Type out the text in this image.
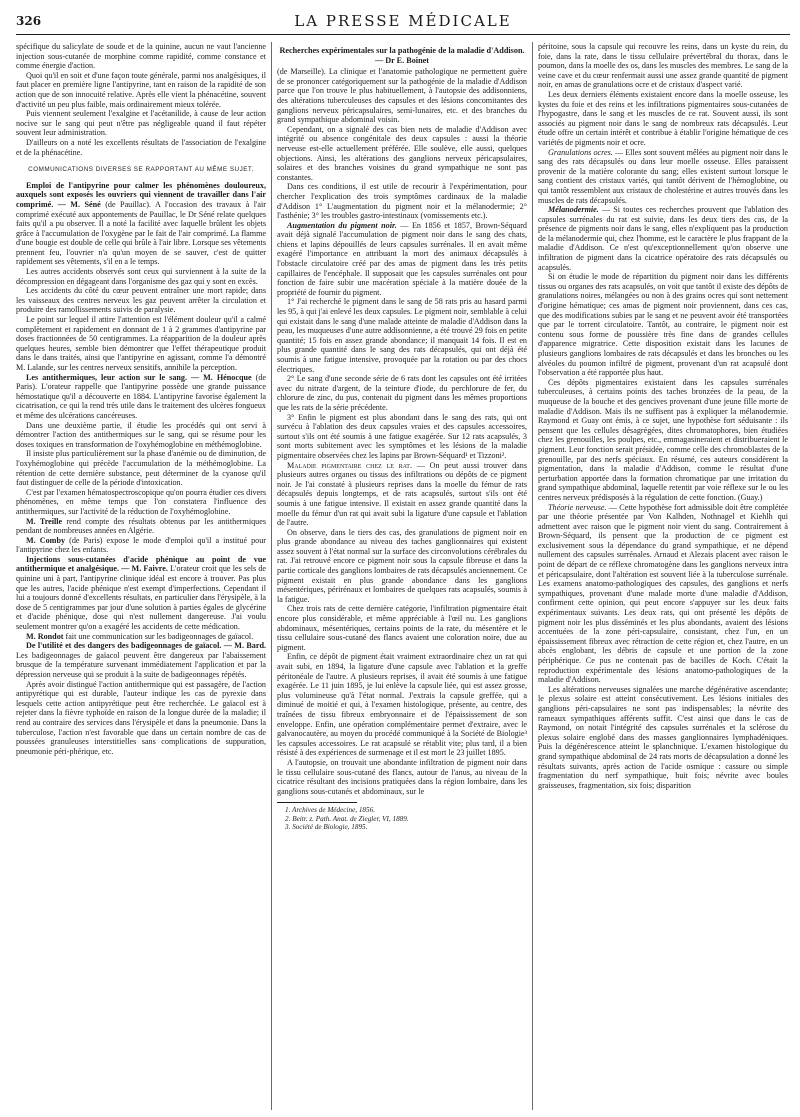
326	LA PRESSE MÉDICALE

spécifique du salicylate de soude et de la quinine, aucun ne vaut l'ancienne injection sous-cutanée de morphine comme rapidité, comme constance et comme énergie d'action.

Quoi qu'il en soit et d'une façon toute générale, parmi nos analgésiques, il faut placer en première ligne l'antipyrine, tant en raison de la rapidité de son action que de son innocuité relative. Après elle vient la phénacétine, souvent d'activité un peu plus faible, mais ordinairement mieux tolérée.

Puis viennent seulement l'exalgine et l'acétanilide, à cause de leur action nocive sur le sang qui peut n'être pas négligeable quand il faut répéter souvent leur administration.

D'ailleurs on a noté les excellents résultats de l'association de l'exalgine et de la phénacétine.

COMMUNICATIONS DIVERSES SE RAPPORTANT AU MÊME SUJET.

Emploi de l'antipyrine pour calmer les phénomènes douloureux, auxquels sont exposés les ouvriers qui viennent de travailler dans l'air comprimé. — M. Séné (de Pauillac). A l'occasion des travaux à l'air comprimé exécuté aux appontements de Pauillac, le Dr Séné relate quelques faits qu'il a pu observer. Il a noté la facilité avec laquelle brûlent les objets grâce à l'accumulation de l'oxygène par le fait de l'air comprimé. La flamme d'une bougie est double de celle qui brûle à l'air libre. Lorsque ses vêtements prennent feu, l'ouvrier n'a qu'un moyen de se sauver, c'est de quitter rapidement ses vêtements, s'il en a le temps.

Les autres accidents observés sont ceux qui surviennent à la suite de la décompression en dégageant dans l'organisme des gaz qui y sont en excès.

Les accidents du côté du cœur peuvent entraîner une mort rapide; dans les vaisseaux des centres nerveux les gaz peuvent arrêter la circulation et produire des ramollissements suivis de paralysie.

Le point sur lequel il attire l'attention est l'élément douleur qu'il a calmé complètement et rapidement en donnant de 1 à 2 grammes d'antipyrine par doses fractionnées de 50 centigrammes. La réapparition de la douleur après quelques heures, semble bien démontrer que l'effet thérapeutique produit dans le dans traités, ainsi que l'antipyrine en agissant, comme l'a démontré M. Lalande, sur les centres nerveux sensitifs, annihile la perception.

Les antithermiques, leur action sur le sang. — M. Hénocque (de Paris). L'orateur rappelle que l'antipyrine possède une grande puissance hémostatique qu'il a découverte en 1884. L'antipyrine favorise également la cicatrisation, ce qui la rend très utile dans le traitement des ulcères fongueux et même des ulcérations cancéreuses.

Dans une deuxième partie, il étudie les procédés qui ont servi à démontrer l'action des antithermiques sur le sang, qui se résume pour les doses toxiques en transformation de l'oxyhémoglobine en méthémoglobine.

Il insiste plus particulièrement sur la phase d'anémie ou de diminution, de l'oxyhémoglobine qui précède l'accumulation de la méthémoglobine. La rétention de cette dernière substance, peut déterminer de la cyanose qu'il faut distinguer de celle de la période d'intoxication.

C'est par l'examen hématospectroscopique qu'on pourra étudier ces divers phénomènes, en même temps que l'on constatera l'influence des antithermiques, sur l'activité de la réduction de l'oxyhémoglobine.

M. Treille rend compte des résultats obtenus par les antithermiques pendant de nombreuses années en Algérie.

M. Comby (de Paris) expose le mode d'emploi qu'il a institué pour l'antipyrine chez les enfants.

Injections sous-cutanées d'acide phénique au point de vue antithermique et analgésique. — M. Faivre. L'orateur croit que les sels de quinine uni à part, l'antipyrine clinique idéal est encore à trouver. Pas plus que les autres, l'acide phénique n'est exempt d'imperfections. Cependant il lui a toujours donné d'excellents résultats, en particulier dans l'érysipèle, à la dose de 5 centigrammes par jour d'une solution à parties égales de glycérine et d'acide phénique, dose qui n'est nullement dangereuse. J'ai voulu seulement montrer qu'on a exagéré les accidents de cette médication.

M. Rondot fait une communication sur les badigeonnages de gaïacol.

De l'utilité et des dangers des badigeonnages de gaïacol. — M. Bard. Les badigeonnages de gaïacol peuvent être dangereux par l'abaissement brusque de la température survenant immédiatement l'application et par la dépression nerveuse qui se produit à la suite de badigeonnages répétés.

Après avoir distingué l'action antithermique qui est passagère, de l'action antipyrétique qui est durable, l'auteur indique les cas de pyrexie dans lesquels cette action antipyrétique peut être recherchée. Le gaïacol est à rejeter dans la fièvre typhoïde en raison de la longue durée de la maladie; il rend au contraire des services dans l'érysipèle et dans la pneumonie. Dans la tuberculose, l'action n'est favorable que dans un certain nombre de cas de poussées granuleuses interstitielles sans complications de suppuration, pneumonie péri-phérique, etc.

Recherches expérimentales sur la pathogénie de la maladie d'Addison. — Dr E. Boinet

(de Marseille). La clinique et l'anatomie pathologique ne permettent guère de se prononcer catégoriquement sur la pathogénie de la maladie d'Addison parce que l'on trouve le plus habituellement, à l'autopsie des addisonniens, des altérations tuberculeuses des capsules et des lésions concomitantes des ganglions nerveux péricapsulaires, semi-lunaires, etc. et des branches du grand sympathique abdominal voisin.

Cependant, on a signalé des cas bien nets de maladie d'Addison avec intégrité ou absence congénitale des deux capsules : aussi la théorie nerveuse est-elle actuellement préférée. Elle soulève, elle aussi, quelques objections. Ainsi, les altérations des ganglions nerveux péricapsulaires, solaires et des branches voisines du grand sympathique ne sont pas constantes.

Dans ces conditions, il est utile de recourir à l'expérimentation, pour chercher l'explication des trois symptômes cardinaux de la maladie d'Addison 1° L'augmentation du pigment noir et la mélanodermie; 2° l'asthénie; 3° les troubles gastro-intestinaux (vomissements etc.).

Augmentation du pigment noir. — En 1856 et 1857, Brown-Séquard avait déjà signalé l'accumulation de pigment noir dans le sang des chats, chiens et lapins dépouillés de leurs capsules surrénales. Il en avait même exagéré l'importance en attribuant la mort des animaux décapsulés à l'obstacle circulatoire créé par des amas de pigment dans les très petits capillaires de l'encéphale. Il supposait que les capsules surrénales ont pour fonction de faire subir une macération spéciale à la matière douée de la propriété de fournir du pigment.

1° J'ai recherché le pigment dans le sang de 58 rats pris au hasard parmi les 95, à qui j'ai enlevé les deux capsules. Le pigment noir, semblable à celui qui existait dans le sang d'une malade atteinte de maladie d'Addison dans la peau, les muqueuses d'une autre addisonnienne, a été trouvé 29 fois en petite quantité; 15 fois en assez grande abondance; il manquait 14 fois. Il est en plus grande quantité dans le sang des rats décapsulés, qui ont déjà été soumis à une fatigue intensive, provoquée par la rotation ou par des chocs électriques.

2° Le sang d'une seconde série de 6 rats dont les capsules ont été irritées avec du nitrate d'argent, de la teinture d'iode, du perchlorure de fer, du chlorure de zinc, du pus, contenait du pigment dans les mêmes proportions que les rats de la série précédente.

3° Enfin le pigment est plus abondant dans le sang des rats, qui ont survécu à l'ablation des deux capsules vraies et des capsules accessoires, surtout s'ils ont été soumis à une fatigue exagérée. Sur 12 rats acapsulés, 3 sont morts subitement avec les symptômes et les lésions de la maladie pigmentaire observées chez les lapins par Brown-Séquard¹ et Tizzoni².

Maladie pigmentaire chez le rat. — On peut aussi trouver dans plusieurs autres organes ou tissus des infiltrations ou dépôts de ce pigment noir. Je l'ai constaté à plusieurs reprises dans la moelle du fémur de rats décapsulés depuis longtemps, et de rats acapsulés, surtout s'ils ont été soumis à une fatigue intensive. Il existait en assez grande quantité dans la moelle du fémur d'un rat qui avait subi la ligature d'une capsule et l'ablation de l'autre.

On observe, dans le tiers des cas, des granulations de pigment noir en plus grande abondance au niveau des taches ganglionnaires qui existent assez souvent à l'état normal sur la surface des circonvolutions cérébrales du rat. J'ai retrouvé encore ce pigment noir sous la capsule fibreuse et dans la partie corticale des ganglions lombaires de rats décapsulés anciennement. Ce pigment existait en plus grande abondance dans les ganglions mésentériques, périrénaux et lombaires de quelques rats acapsulés, soumis à la fatigue.

Chez trois rats de cette dernière catégorie, l'infiltration pigmentaire était encore plus considérable, et même appréciable à l'œil nu. Les ganglions abdominaux, mésentériques, certains points de la rate, du mésentère et le tissu cellulaire sous-cutané des flancs avaient une coloration noire, due au pigment.

Enfin, ce dépôt de pigment était vraiment extraordinaire chez un rat qui avait subi, en 1894, la ligature d'une capsule avec l'ablation et la greffe péritonéale de l'autre. A plusieurs reprises, il avait été soumis à une fatigue exagérée. Le 11 juin 1895, je lui enlève la capsule liée, qui est assez grosse, plus volumineuse qu'à l'état normal. J'extrais la capsule greffée, qui a diminué de moitié et qui, à l'examen histologique, présente, au centre, des traînées de tissu fibreux embryonnaire et de l'épaississement de son enveloppe. Enfin, une opération complémentaire permet d'extraire, avec le galvanocautère, au moyen du procédé communiqué à la Société de Biologie³ les capsules accessoires. Le rat acapsulé se rétablit vite; plus tard, il a bien résisté à des expériences de surmenage et il est mort le 23 juillet 1895.

A l'autopsie, on trouvait une abondante infiltration de pigment noir dans le tissu cellulaire sous-cutané des flancs, autour de l'anus, au niveau de la cicatrice résultant des incisions pratiquées dans la région lombaire, dans les ganglions sous-cutanés et abdominaux, sur le

1. Archives de Médecine, 1856.
2. Beitr. z. Path. Anat. de Ziegler, VI, 1889.
3. Société de Biologie, 1895.

péritoine, sous la capsule qui recouvre les reins, dans un kyste du rein, du foie, dans la rate, dans le tissu cellulaire prévertébral du thorax, dans le poumon, dans la moelle des os, dans les muscles des membres. Le sang de la veine cave et du cœur renfermait aussi une assez grande quantité de pigment noir, en amas de granulations ocre et de cristaux d'aspect varié.

Les deux derniers éléments existaient encore dans la moelle osseuse, les kystes du foie et des reins et les infiltrations pigmentaires sous-cutanées de l'hypogastre, dans le sang et les muscles de ce rat. Souvent aussi, ils sont associés au pigment noir dans le sang de nombreux rats décapsulés. Leur étude offre un certain intérêt et contribue à établir l'origine hématique de ces variétés de pigments noir et ocre.

Granulations ocres. — Elles sont souvent mêlées au pigment noir dans le sang des rats décapsulés ou dans leur moelle osseuse. Elles paraissent provenir de la matière colorante du sang; elles existent surtout lorsque le sang contient des cristaux variés, qui tantôt dérivent de l'hémoglobine, ou qui tantôt ressemblent aux cristaux de cholestérine et autres trouvés dans les muscles de rats décapsulés.

Mélanodermie. — Si toutes ces recherches prouvent que l'ablation des capsules surrénales du rat est suivie, dans les deux tiers des cas, de la présence de pigments noir dans le sang, elles n'expliquent pas la production de la mélanodermie qui, chez l'homme, est le caractère le plus frappant de la maladie d'Addison. Ce n'est qu'exceptionnellement qu'on observe une infiltration de pigment dans la cicatrice opératoire des rats décapsulés ou acapsulés.

Si on étudie le mode de répartition du pigment noir dans les différents tissus ou organes des rats acapsulés, on voit que tantôt il existe des dépôts de granulations noires, mélangées ou non à des grains ocres qui sont nettement d'origine hématique; ces amas de pigment noir proviennent, dans ces cas, que des modifications subies par le sang et ne peuvent avoir été transportées que par le torrent circulatoire. Tantôt, au contraire, le pigment noir est contenu sous forme de poussière très fine dans de grandes cellules d'apparence migratrice. Cette disposition existait dans les lacunes de plusieurs ganglions lombaires de rats décapsulés et dans les bronches ou les alvéoles du poumon infiltré de pigment, provenant d'un rat acapsulé dont l'observation a été rapportée plus haut.

Ces dépôts pigmentaires existaient dans les capsules surrénales tuberculeuses, à certains points des taches bronzées de la peau, de la muqueuse de la bouche et des gencives provenant d'une jeune fille morte de maladie d'Addison. Mais ils ne suffisent pas à expliquer la mélanodermie. Raymond et Guay ont émis, à ce sujet, une hypothèse fort séduisante : ils pensent que les cellules désagrégées, dites chromatophores, bien étudiées chez les grenouilles, les poulpes, etc., emmagasineraient et distribueraient le pigment. Leur fonction serait présidée, comme celle des chromoblastes de la grenouille, par des nerfs spéciaux. En résumé, ces auteurs considèrent la pigmentation, dans la maladie d'Addison, comme le résultat d'une perturbation apportée dans la formation chromatique par une irritation du grand sympathique abdominal, laquelle retentit par voie réflexe sur le ou les centres nerveux prédisposés à la régulation de cette fonction. (Guay.)

Théorie nerveuse. — Cette hypothèse fort admissible doit être complétée par une théorie présentée par Von Kalhden, Nothnagel et Kiehlh qui admettent avec raison que le pigment noir vient du sang. Contrairement à Brown-Séquard, ils pensent que la production de ce pigment est exclusivement sous la dépendance du grand sympathique, et ne dépend nullement des capsules surrénales. Arnaud et Alezais placent avec raison le point de départ de ce réflexe chromatogène dans les ganglions nerveux intra et péricapsulaire, dont l'altération est souvent liée à la tuberculose surrénale. Les examens anatomo-pathologiques des capsules, des ganglions et nerfs sympathiques, provenant d'une malade morte d'une maladie d'Addison, confirment cette opinion, qui peut encore s'appuyer sur les deux faits expérimentaux suivants. Les deux rats, qui ont présenté les dépôts de pigment noir les plus disséminés et les plus abondants, avaient des lésions accentuées de la zone péri-capsulaire, consistant, chez l'un, en un épaississement fibreux avec rétraction de cette région et, chez l'autre, en un abcès englobant, les débris de capsule et une portion de la zone périphérique. Ce pus ne contenait pas de bacilles de Koch. C'était la reproduction expérimentale des lésions anatomo-pathologiques de la maladie d'Addison.

Les altérations nerveuses signalées une marche dégénérative ascendante; le plexus solaire est atteint consécutivement. Les lésions initiales des ganglions péri-capsulaires ne sont pas indispensables; la névrite des rameaux sympathiques afférents suffit. C'est ainsi que dans le cas de Raymond, on notait l'intégrité des capsules surrénales et la sclérose du plexus solaire englobé dans des masses ganglionnaires lymphadéniques. Puis la dégénérescence atteint le splanchnique. L'examen histologique du grand sympathique abdominal de 24 rats morts de décapsulation a donné les résultats suivants, après action de l'acide osmique : cassure ou simple fragmentation du nerf sympathique, huit fois; névrite avec boules graisseuses, fragmentation, six fois; disparition
